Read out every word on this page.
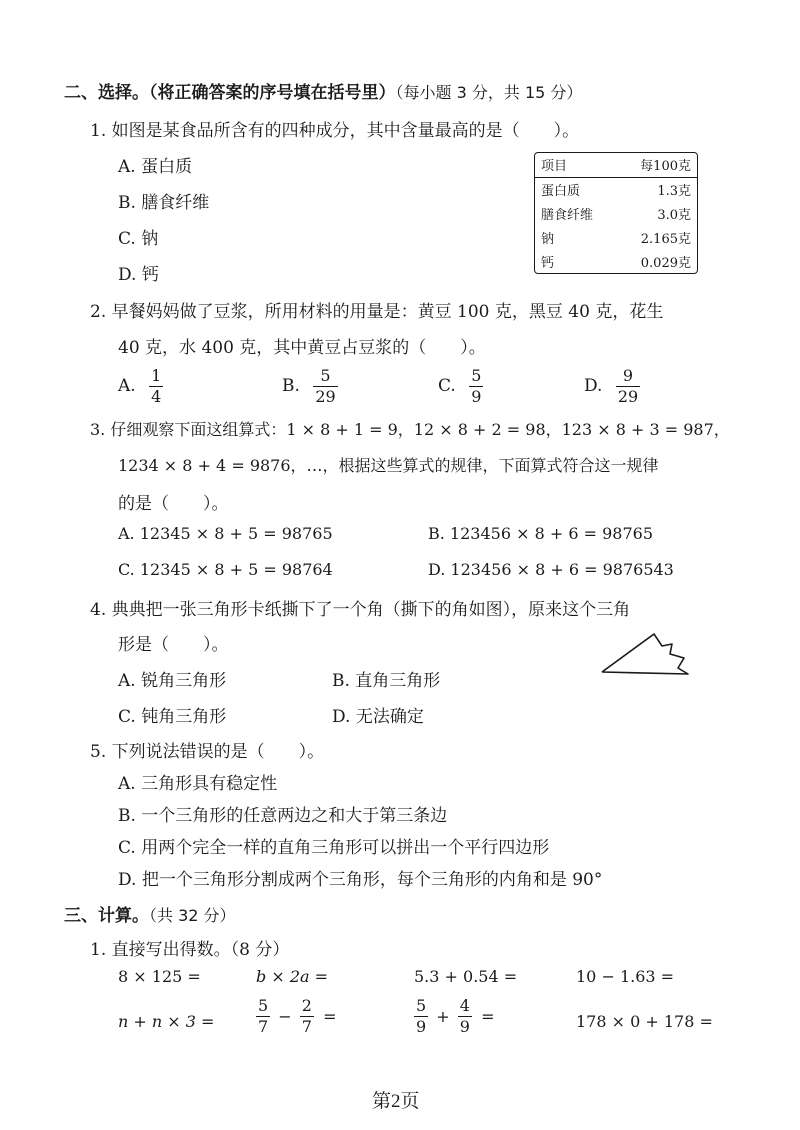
二、选择。（将正确答案的序号填在括号里）（每小题 3 分，共 15 分）
1. 如图是某食品所含有的四种成分，其中含量最高的是（　　）。
A. 蛋白质
B. 膳食纤维
C. 钠
D. 钙
项目	每100克
蛋白质	1.3克
膳食纤维	3.0克
钠	2.165克
钙	0.029克
2. 早餐妈妈做了豆浆，所用材料的用量是：黄豆 100 克，黑豆 40 克，花生
40 克，水 400 克，其中黄豆占豆浆的（　　）。
A. $\frac{1}{4}$	B. $\frac{5}{29}$	C. $\frac{5}{9}$	D. $\frac{9}{29}$
3. 仔细观察下面这组算式：1 × 8 + 1 = 9，12 × 8 + 2 = 98，123 × 8 + 3 = 987，
1234 × 8 + 4 = 9876，…，根据这些算式的规律，下面算式符合这一规律
的是（　　）。
A. 12345 × 8 + 5 = 98765	B. 123456 × 8 + 6 = 98765
C. 12345 × 8 + 5 = 98764	D. 123456 × 8 + 6 = 9876543
4. 典典把一张三角形卡纸撕下了一个角（撕下的角如图），原来这个三角
形是（　　）。
A. 锐角三角形	B. 直角三角形
C. 钝角三角形	D. 无法确定
5. 下列说法错误的是（　　）。
A. 三角形具有稳定性
B. 一个三角形的任意两边之和大于第三条边
C. 用两个完全一样的直角三角形可以拼出一个平行四边形
D. 把一个三角形分割成两个三角形，每个三角形的内角和是 90°
三、计算。（共 32 分）
1. 直接写出得数。（8 分）
8 × 125 =	b × 2a =	5.3 + 0.54 =	10 − 1.63 =
n + n × 3 =	$\frac{5}{7} - \frac{2}{7}$ =	$\frac{5}{9} + \frac{4}{9}$ =	178 × 0 + 178 =
第2页
